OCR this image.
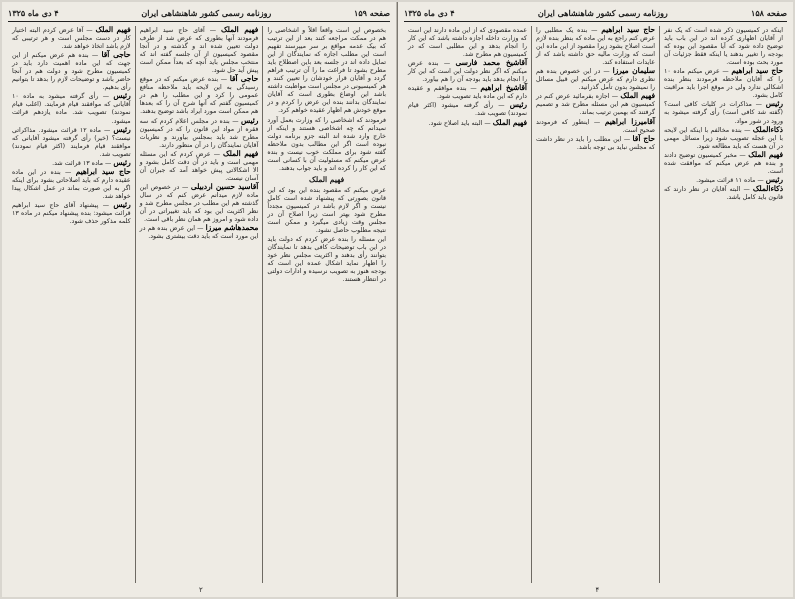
صفحه ۱۵۹
روزنامه رسمی کشور شاهنشاهی ایران
۴ دی ماه ۱۳۲۵

بخصوص این است واقعاً اقلاً و اشخاصی را هم در ممکت مراجعه کنند بعد از این ترتیب که بیک عدمه مواقع بر سر میپرسند تفهیم است این مطلب اجازه که نمایندگان از این تمایل داده اند در جلسه بعد باین اصطلاح باید مطرح بشود تا فراغت ما را آن ترتیب فراهم گردد و آقایان قرار خودشان را تعیین کنند و هر کمیسیونی در مجلس است مواظبت داشته باشد این اوضاع بطوری است که آقایان نمایندگان بدانند بنده این عرض را کردم و در موقع خودش هم اظهار عقیده خواهم کرد.

فرمودند که اشخاصی را که وزارت بعمل آورد نمیدانم که چه اشخاصی هستند و اینکه از خارج وارد شده اند البته جزو برنامه دولت نبوده است اگر این مطالب بدون ملاحظه گفته شود برای مملکت خوب نیست و بنده عرض میکنم که مسئولیت آن با کسانی است که این کار را کرده اند و باید جواب بدهند.

فهیم الملک

عرض میکنم که مقصود بنده این بود که این قانون بصورتی که پیشنهاد شده است کامل نیست و اگر لازم باشد در کمیسیون مجدداً مطرح شود بهتر است زیرا اصلاح آن در مجلس وقت زیادی میگیرد و ممکن است نتیجه مطلوب حاصل نشود.

این مسئله را بنده عرض کردم که دولت باید در این باب توضیحات کافی بدهد تا نمایندگان بتوانند رأی بدهند و اکثریت مجلس نظر خود را اظهار نماید اشکال عمده این است که بودجه هنوز به تصویب نرسیده و ادارات دولتی در انتظار هستند.

فهیم الملک — آقای حاج سید ابراهیم فرمودند آنها بطوری که عرض شد از طرف دولت تعیین شده اند و گذشته و در آنجا مقصود کمیسیون از آن جلسه گفته اند که منتخب مجلس باید آنچه که بعداً ممکن است پیش آید حل شود.

حاجی آقا — بنده عرض میکنم که در موقع رسیدگی به این لایحه باید ملاحظه منافع عمومی را کرد و این مطلب را هم در کمیسیون گفتم که آنها شرح آن را که بعدها هم ممکن است مورد ایراد باشد توضیح بدهند.

رئیس — بنده در مجلس اعلام کردم که سه فقره از مواد این قانون را که در کمیسیون مطرح شد باید بمجلس بیاورند و نظریات آقایان نمایندگان را در آن منظور دارند.

فهیم الملک — عرض کردم که این مسئله مهمی است و باید در آن دقت کامل بشود و الا اشکالاتی پیش خواهد آمد که جبران آن آسان نیست.

آقاسید حسین اردبیلی — در خصوص این ماده لازم میدانم عرض کنم که در سال گذشته هم این مطلب در مجلس مطرح شد و نظر اکثریت این بود که باید تغییراتی در آن داده شود و امروز هم همان نظر باقی است.

محمدهاشم میرزا — این عرض بنده هم در این مورد است که باید دقت بیشتری بشود.

فهیم الملک — آقا عرض کردم البته اختیار کار در دست مجلس است و هر ترتیبی که لازم باشد اتخاذ خواهد شد.

حاجی آقا — بنده هم عرض میکنم از این جهت که این ماده اهمیت دارد باید در کمیسیون مطرح شود و دولت هم در آنجا حاضر باشد و توضیحات لازم را بدهد تا بتوانیم رأی بدهیم.

رئیس — رأی گرفته میشود به ماده ۱۰ آقایانی که موافقند قیام فرمایند. (اغلب قیام نمودند) تصویب شد. ماده یازدهم قرائت میشود.

رئیس — ماده ۱۲ قرائت میشود. مذاکراتی نیست؟ (خیر) رأی گرفته میشود آقایانی که موافقند قیام فرمایند (اکثر قیام نمودند) تصویب شد.

رئیس — ماده ۱۳ قرائت شد.

حاج سید ابراهیم — بنده در این ماده عقیده دارم که باید اصلاحاتی بشود برای اینکه اگر به این صورت بماند در عمل اشکال پیدا خواهد شد.

رئیس — پیشنهاد آقای حاج سید ابراهیم قرائت میشود: بنده پیشنهاد میکنم در ماده ۱۳ کلمه مذکور حذف شود.

۲
صفحه ۱۵۸
روزنامه رسمی کشور شاهنشاهی ایران
۴ دی ماه ۱۳۲۵

اینکه در کمیسیون ذکر شده است که یک نفر از آقایان اظهاری کرده اند در این باب باید توضیح داده شود که آیا مقصود این بوده که بودجه را تغییر بدهند یا اینکه فقط جزئیات آن مورد بحث بوده است.

حاج سید ابراهیم — عرض میکنم ماده ۱۰ را که آقایان ملاحظه فرمودند بنظر بنده اشکالی ندارد ولی در موقع اجرا باید مراقبت کامل بشود.

رئیس — مذاکرات در کلیات کافی است؟ (گفته شد کافی است) رأی گرفته میشود به ورود در شور مواد.

ذکاءالملک — بنده مخالفم با اینکه این لایحه با این عجله تصویب شود زیرا مسائل مهمی در آن هست که باید مطالعه شود.

فهیم الملک — مخبر کمیسیون توضیح دادند و بنده هم عرض میکنم که موافقت شده است.

رئیس — ماده ۱۱ قرائت میشود.

ذکاءالملک — البته آقایان در نظر دارند که قانون باید کامل باشد.

حاج سید ابراهیم — بنده یک مطلبی را عرض کنم راجع به این ماده که بنظر بنده لازم است اصلاح بشود زیرا مقصود از این ماده این است که وزارت مالیه حق داشته باشد که از عایدات استفاده کند.

سلیمان میرزا — در این خصوص بنده هم نظری دارم که عرض میکنم این قبیل مسائل را نمیشود بدون تأمل گذرانید.

فهیم الملک — اجازه بفرمائید عرض کنم در کمیسیون هم این مسئله مطرح شد و تصمیم گرفتند که بهمین ترتیب بماند.

آقامیرزا ابراهیم — اینطور که فرمودند صحیح است.

حاج آقا — این مطلب را باید در نظر داشت که مجلس نباید بی توجه باشد.

عمده مقصودی که از این ماده دارند این است که وزارت داخله اجازه داشته باشد که این کار را انجام بدهد و این مطلبی است که در کمیسیون هم مطرح شد.

آقاشیخ محمد فارسی — بنده عرض میکنم که اگر نظر دولت این است که این کار را انجام بدهد باید بودجه آن را هم بیاورد.

آقاشیخ ابراهیم — بنده موافقم و عقیده دارم که این ماده باید تصویب شود.

رئیس — رأی گرفته میشود (اکثر قیام نمودند) تصویب شد.

فهیم الملک — البته باید اصلاح شود.

۴
